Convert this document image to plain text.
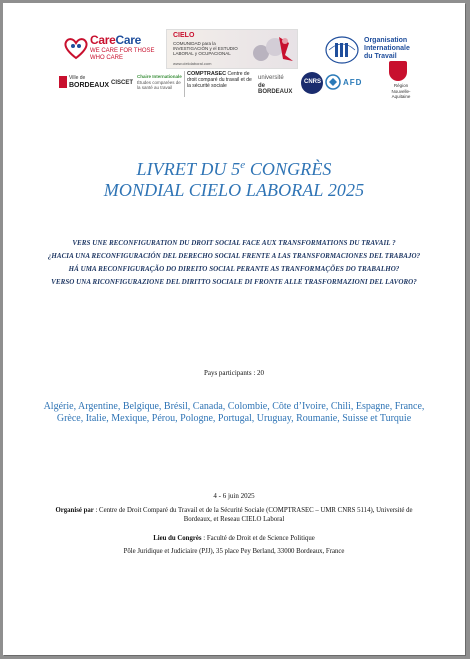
CareCare
WE CARE FOR THOSE WHO CARE
CIELO
COMUNIDAD para la INVESTIGACIÓN y el ESTUDIO LABORAL y OCUPACIONAL
www.cielolaboral.com
Organisation
Internationale
du Travail
Ville de
BORDEAUX CISCET
Chaire Internationale Études comparées de la santé au travail
COMPTRASEC Centre de droit comparé du travail et de la sécurité sociale
université
de BORDEAUX
CNRS	AFD	Région
Nouvelle-
Aquitaine
LIVRET DU 5e CONGRÈS
MONDIAL CIELO LABORAL 2025
VERS UNE RECONFIGURATION DU DROIT SOCIAL FACE AUX TRANSFORMATIONS DU TRAVAIL ?
¿HACIA UNA RECONFIGURACIÓN DEL DERECHO SOCIAL FRENTE A LAS TRANSFORMACIONES DEL TRABAJO?
HÁ UMA RECONFIGURAÇÃO DO DIREITO SOCIAL PERANTE AS TRANFORMAÇÕES DO TRABALHO?
VERSO UNA RICONFIGURAZIONE DEL DIRITTO SOCIALE DI FRONTE ALLE TRASFORMAZIONI DEL LAVORO?
Pays participants : 20
Algérie, Argentine, Belgique, Brésil, Canada, Colombie, Côte d’Ivoire, Chili, Espagne, France, Grèce, Italie, Mexique, Pérou, Pologne, Portugal, Uruguay, Roumanie, Suisse et Turquie
4 - 6 juin 2025
Organisé par : Centre de Droit Comparé du Travail et de la Sécurité Sociale (COMPTRASEC – UMR CNRS 5114), Université de Bordeaux, et Reseau CIELO Laboral
Lieu du Congrès : Faculté de Droit et de Science Politique
Pôle Juridique et Judiciaire (PJJ), 35 place Pey Berland, 33000 Bordeaux, France
